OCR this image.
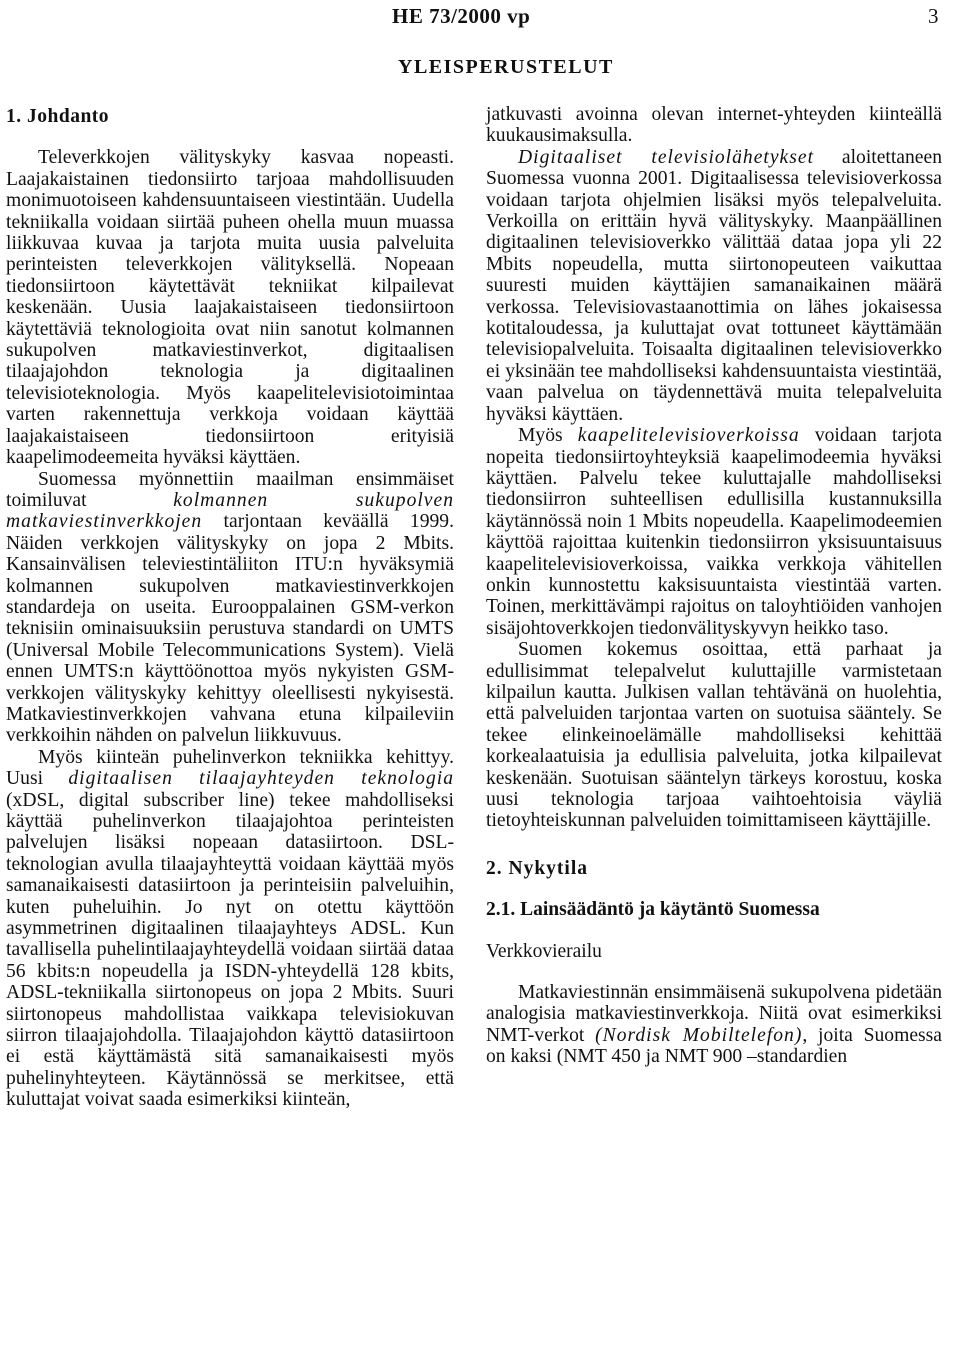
HE 73/2000 vp	3
YLEISPERUSTELUT
1. Johdanto

Televerkkojen välityskyky kasvaa nopeasti. Laajakaistainen tiedonsiirto tarjoaa mahdollisuuden monimuotoiseen kahdensuuntaiseen viestintään. Uudella tekniikalla voidaan siirtää puheen ohella muun muassa liikkuvaa kuvaa ja tarjota muita uusia palveluita perinteisten televerkkojen välityksellä. Nopeaan tiedonsiirtoon käytettävät tekniikat kilpailevat keskenään. Uusia laajakaistaiseen tiedonsiirtoon käytettäviä teknologioita ovat niin sanotut kolmannen sukupolven matkaviestinverkot, digitaalisen tilaajajohdon teknologia ja digitaalinen televisioteknologia. Myös kaapelitelevisiotoimintaa varten rakennettuja verkkoja voidaan käyttää laajakaistaiseen tiedonsiirtoon erityisiä kaapelimodeemeita hyväksi käyttäen.

Suomessa myönnettiin maailman ensimmäiset toimiluvat kolmannen sukupolven matkaviestinverkkojen tarjontaan keväällä 1999. Näiden verkkojen välityskyky on jopa 2 Mbits. Kansainvälisen televiestintäliiton ITU:n hyväksymiä kolmannen sukupolven matkaviestinverkkojen standardeja on useita. Eurooppalainen GSM-verkon teknisiin ominaisuuksiin perustuva standardi on UMTS (Universal Mobile Telecommunications System). Vielä ennen UMTS:n käyttöönottoa myös nykyisten GSM-verkkojen välityskyky kehittyy oleellisesti nykyisestä. Matkaviestinverkkojen vahvana etuna kilpaileviin verkkoihin nähden on palvelun liikkuvuus.

Myös kiinteän puhelinverkon tekniikka kehittyy. Uusi digitaalisen tilaajayhteyden teknologia (xDSL, digital subscriber line) tekee mahdolliseksi käyttää puhelinverkon tilaajajohtoa perinteisten palvelujen lisäksi nopeaan datasiirtoon. DSL-teknologian avulla tilaajayhteyttä voidaan käyttää myös samanaikaisesti datasiirtoon ja perinteisiin palveluihin, kuten puheluihin. Jo nyt on otettu käyttöön asymmetrinen digitaalinen tilaajayhteys ADSL. Kun tavallisella puhelintilaajayhteydellä voidaan siirtää dataa 56 kbits:n nopeudella ja ISDN-yhteydellä 128 kbits, ADSL-tekniikalla siirtonopeus on jopa 2 Mbits. Suuri siirtonopeus mahdollistaa vaikkapa televisiokuvan siirron tilaajajohdolla. Tilaajajohdon käyttö datasiirtoon ei estä käyttämästä sitä samanaikaisesti myös puhelinyhteyteen. Käytännössä se merkitsee, että kuluttajat voivat saada esimerkiksi kiinteän,

jatkuvasti avoinna olevan internet-yhteyden kiinteällä kuukausimaksulla.

Digitaaliset televisiolähetykset aloitettaneen Suomessa vuonna 2001. Digitaalisessa televisioverkossa voidaan tarjota ohjelmien lisäksi myös telepalveluita. Verkoilla on erittäin hyvä välityskyky. Maanpäällinen digitaalinen televisioverkko välittää dataa jopa yli 22 Mbits nopeudella, mutta siirtonopeuteen vaikuttaa suuresti muiden käyttäjien samanaikainen määrä verkossa. Televisiovastaanottimia on lähes jokaisessa kotitaloudessa, ja kuluttajat ovat tottuneet käyttämään televisiopalveluita. Toisaalta digitaalinen televisioverkko ei yksinään tee mahdolliseksi kahdensuuntaista viestintää, vaan palvelua on täydennettävä muita telepalveluita hyväksi käyttäen.

Myös kaapelitelevisioverkoissa voidaan tarjota nopeita tiedonsiirtoyhteyksiä kaapelimodeemia hyväksi käyttäen. Palvelu tekee kuluttajalle mahdolliseksi tiedonsiirron suhteellisen edullisilla kustannuksilla käytännössä noin 1 Mbits nopeudella. Kaapelimodeemien käyttöä rajoittaa kuitenkin tiedonsiirron yksisuuntaisuus kaapelitelevisioverkoissa, vaikka verkkoja vähitellen onkin kunnostettu kaksisuuntaista viestintää varten. Toinen, merkittävämpi rajoitus on taloyhtiöiden vanhojen sisäjohtoverkkojen tiedonvälityskyvyn heikko taso.

Suomen kokemus osoittaa, että parhaat ja edullisimmat telepalvelut kuluttajille varmistetaan kilpailun kautta. Julkisen vallan tehtävänä on huolehtia, että palveluiden tarjontaa varten on suotuisa sääntely. Se tekee elinkeinoelämälle mahdolliseksi kehittää korkealaatuisia ja edullisia palveluita, jotka kilpailevat keskenään. Suotuisan sääntelyn tärkeys korostuu, koska uusi teknologia tarjoaa vaihtoehtoisia väyliä tietoyhteiskunnan palveluiden toimittamiseen käyttäjille.

2. Nykytila
2.1. Lainsäädäntö ja käytäntö Suomessa
Verkkovierailu

Matkaviestinnän ensimmäisenä sukupolvena pidetään analogisia matkaviestinverkkoja. Niitä ovat esimerkiksi NMT-verkot (Nordisk Mobiltelefon), joita Suomessa on kaksi (NMT 450 ja NMT 900 –standardien
